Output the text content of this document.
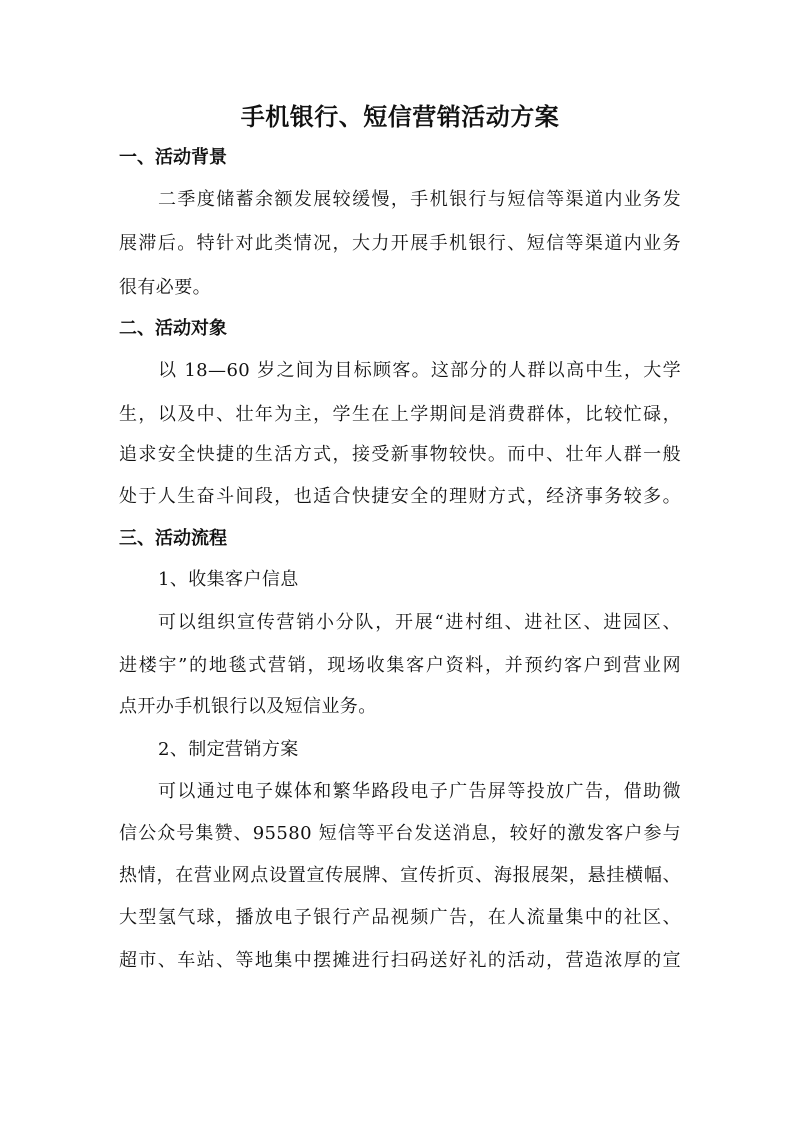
手机银行、短信营销活动方案
一、活动背景
二季度储蓄余额发展较缓慢，手机银行与短信等渠道内业务发
展滞后。特针对此类情况，大力开展手机银行、短信等渠道内业务
很有必要。
二、活动对象
以 18—60 岁之间为目标顾客。这部分的人群以高中生，大学
生，以及中、壮年为主，学生在上学期间是消费群体，比较忙碌，
追求安全快捷的生活方式，接受新事物较快。而中、壮年人群一般
处于人生奋斗间段，也适合快捷安全的理财方式，经济事务较多。
三、活动流程
1、收集客户信息
可以组织宣传营销小分队，开展“进村组、进社区、进园区、
进楼宇”的地毯式营销，现场收集客户资料，并预约客户到营业网
点开办手机银行以及短信业务。
2、制定营销方案
可以通过电子媒体和繁华路段电子广告屏等投放广告，借助微
信公众号集赞、95580 短信等平台发送消息，较好的激发客户参与
热情，在营业网点设置宣传展牌、宣传折页、海报展架，悬挂横幅、
大型氢气球，播放电子银行产品视频广告，在人流量集中的社区、
超市、车站、等地集中摆摊进行扫码送好礼的活动，营造浓厚的宣
